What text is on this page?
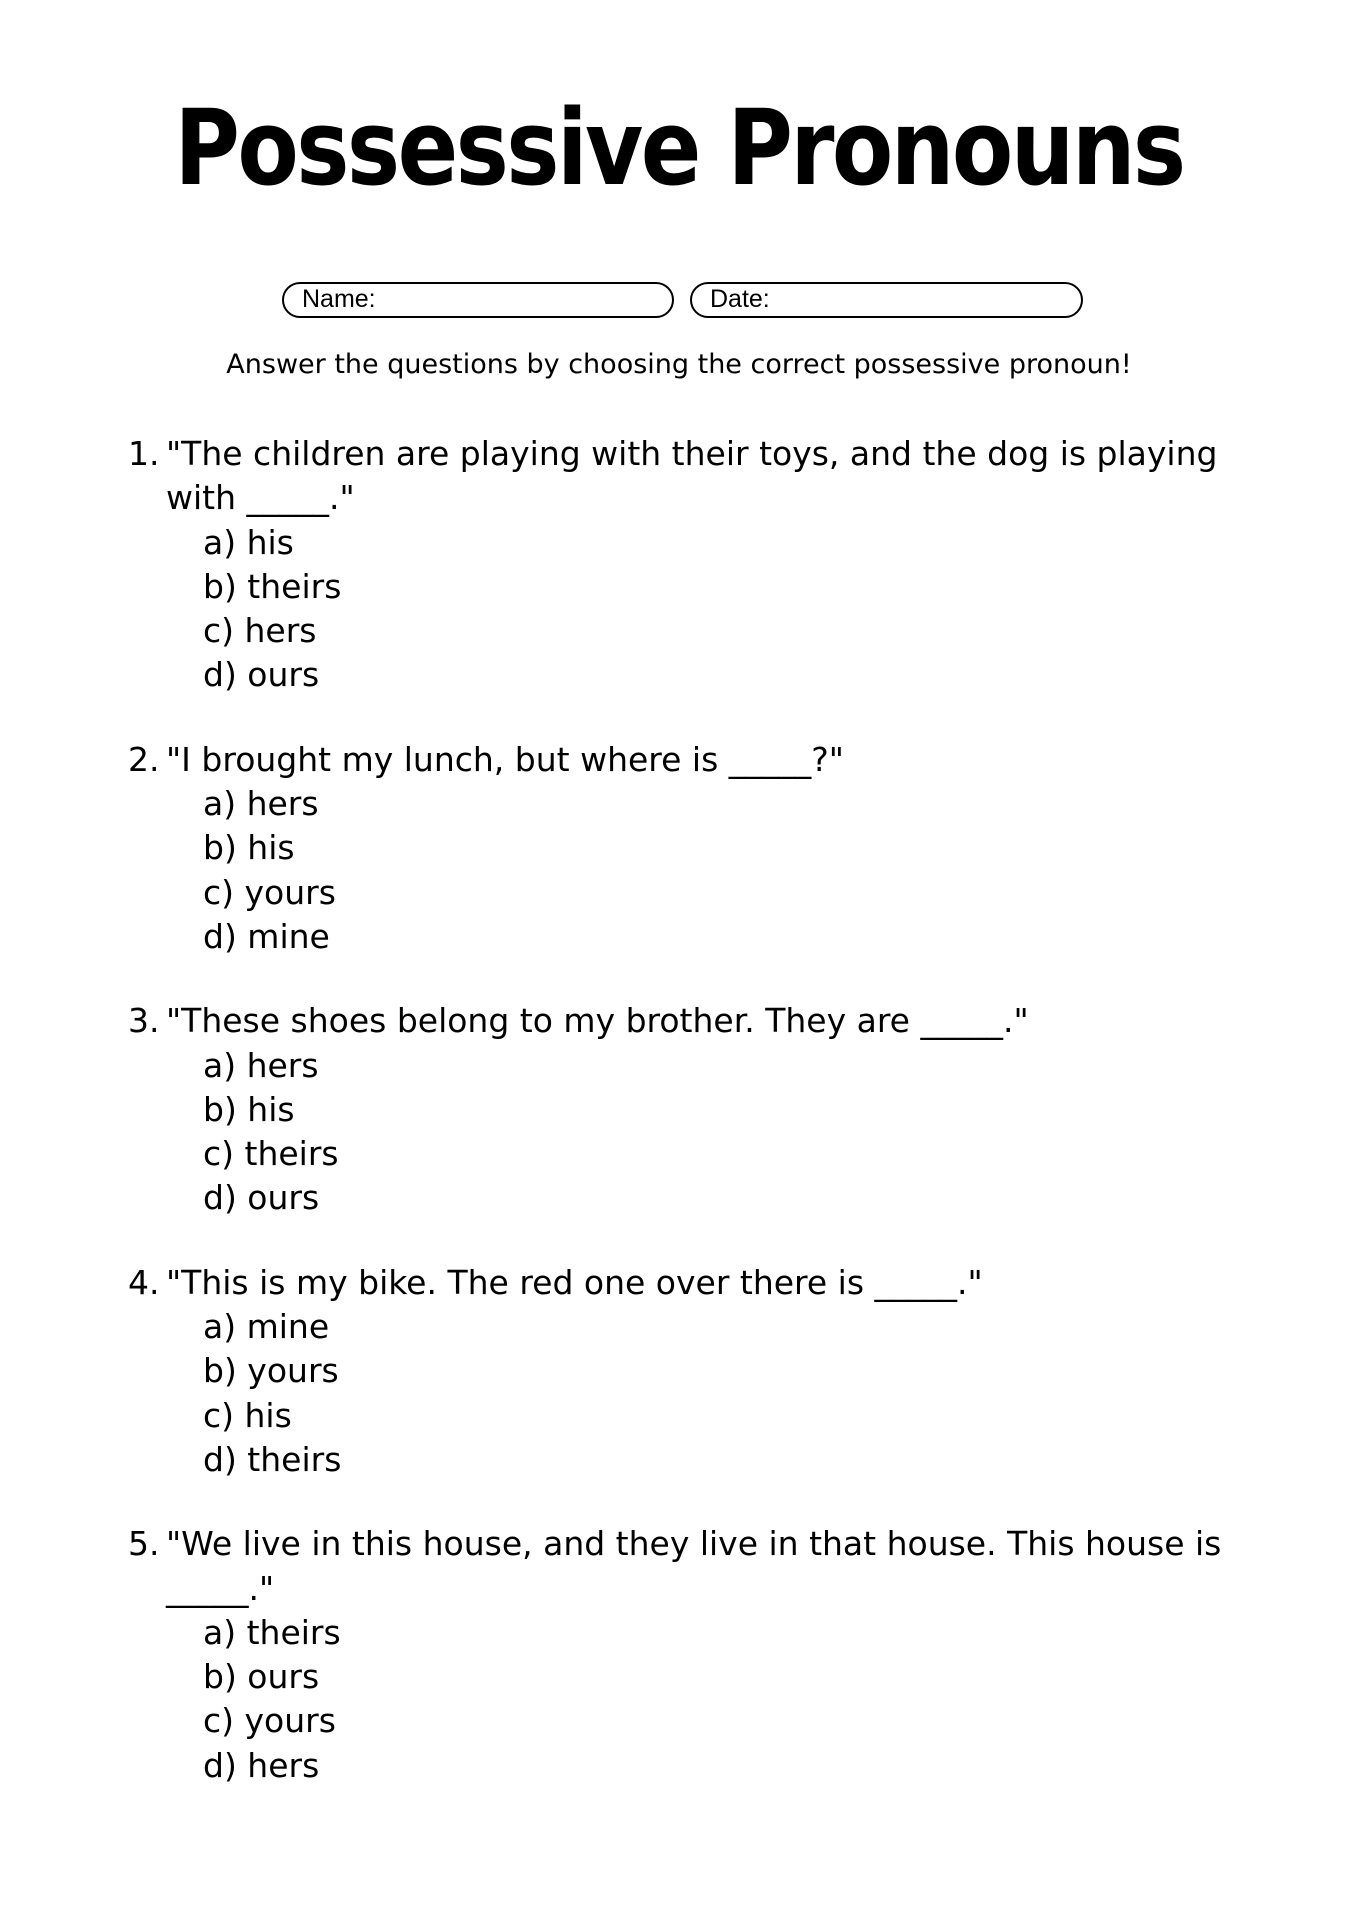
Possessive Pronouns
Name:	Date:
Answer the questions by choosing the correct possessive pronoun!
1. "The children are playing with their toys, and the dog is playing with _____."
a) his
b) theirs
c) hers
d) ours
2. "I brought my lunch, but where is _____?"
a) hers
b) his
c) yours
d) mine
3. "These shoes belong to my brother. They are _____."
a) hers
b) his
c) theirs
d) ours
4. "This is my bike. The red one over there is _____."
a) mine
b) yours
c) his
d) theirs
5. "We live in this house, and they live in that house. This house is _____."
a) theirs
b) ours
c) yours
d) hers
